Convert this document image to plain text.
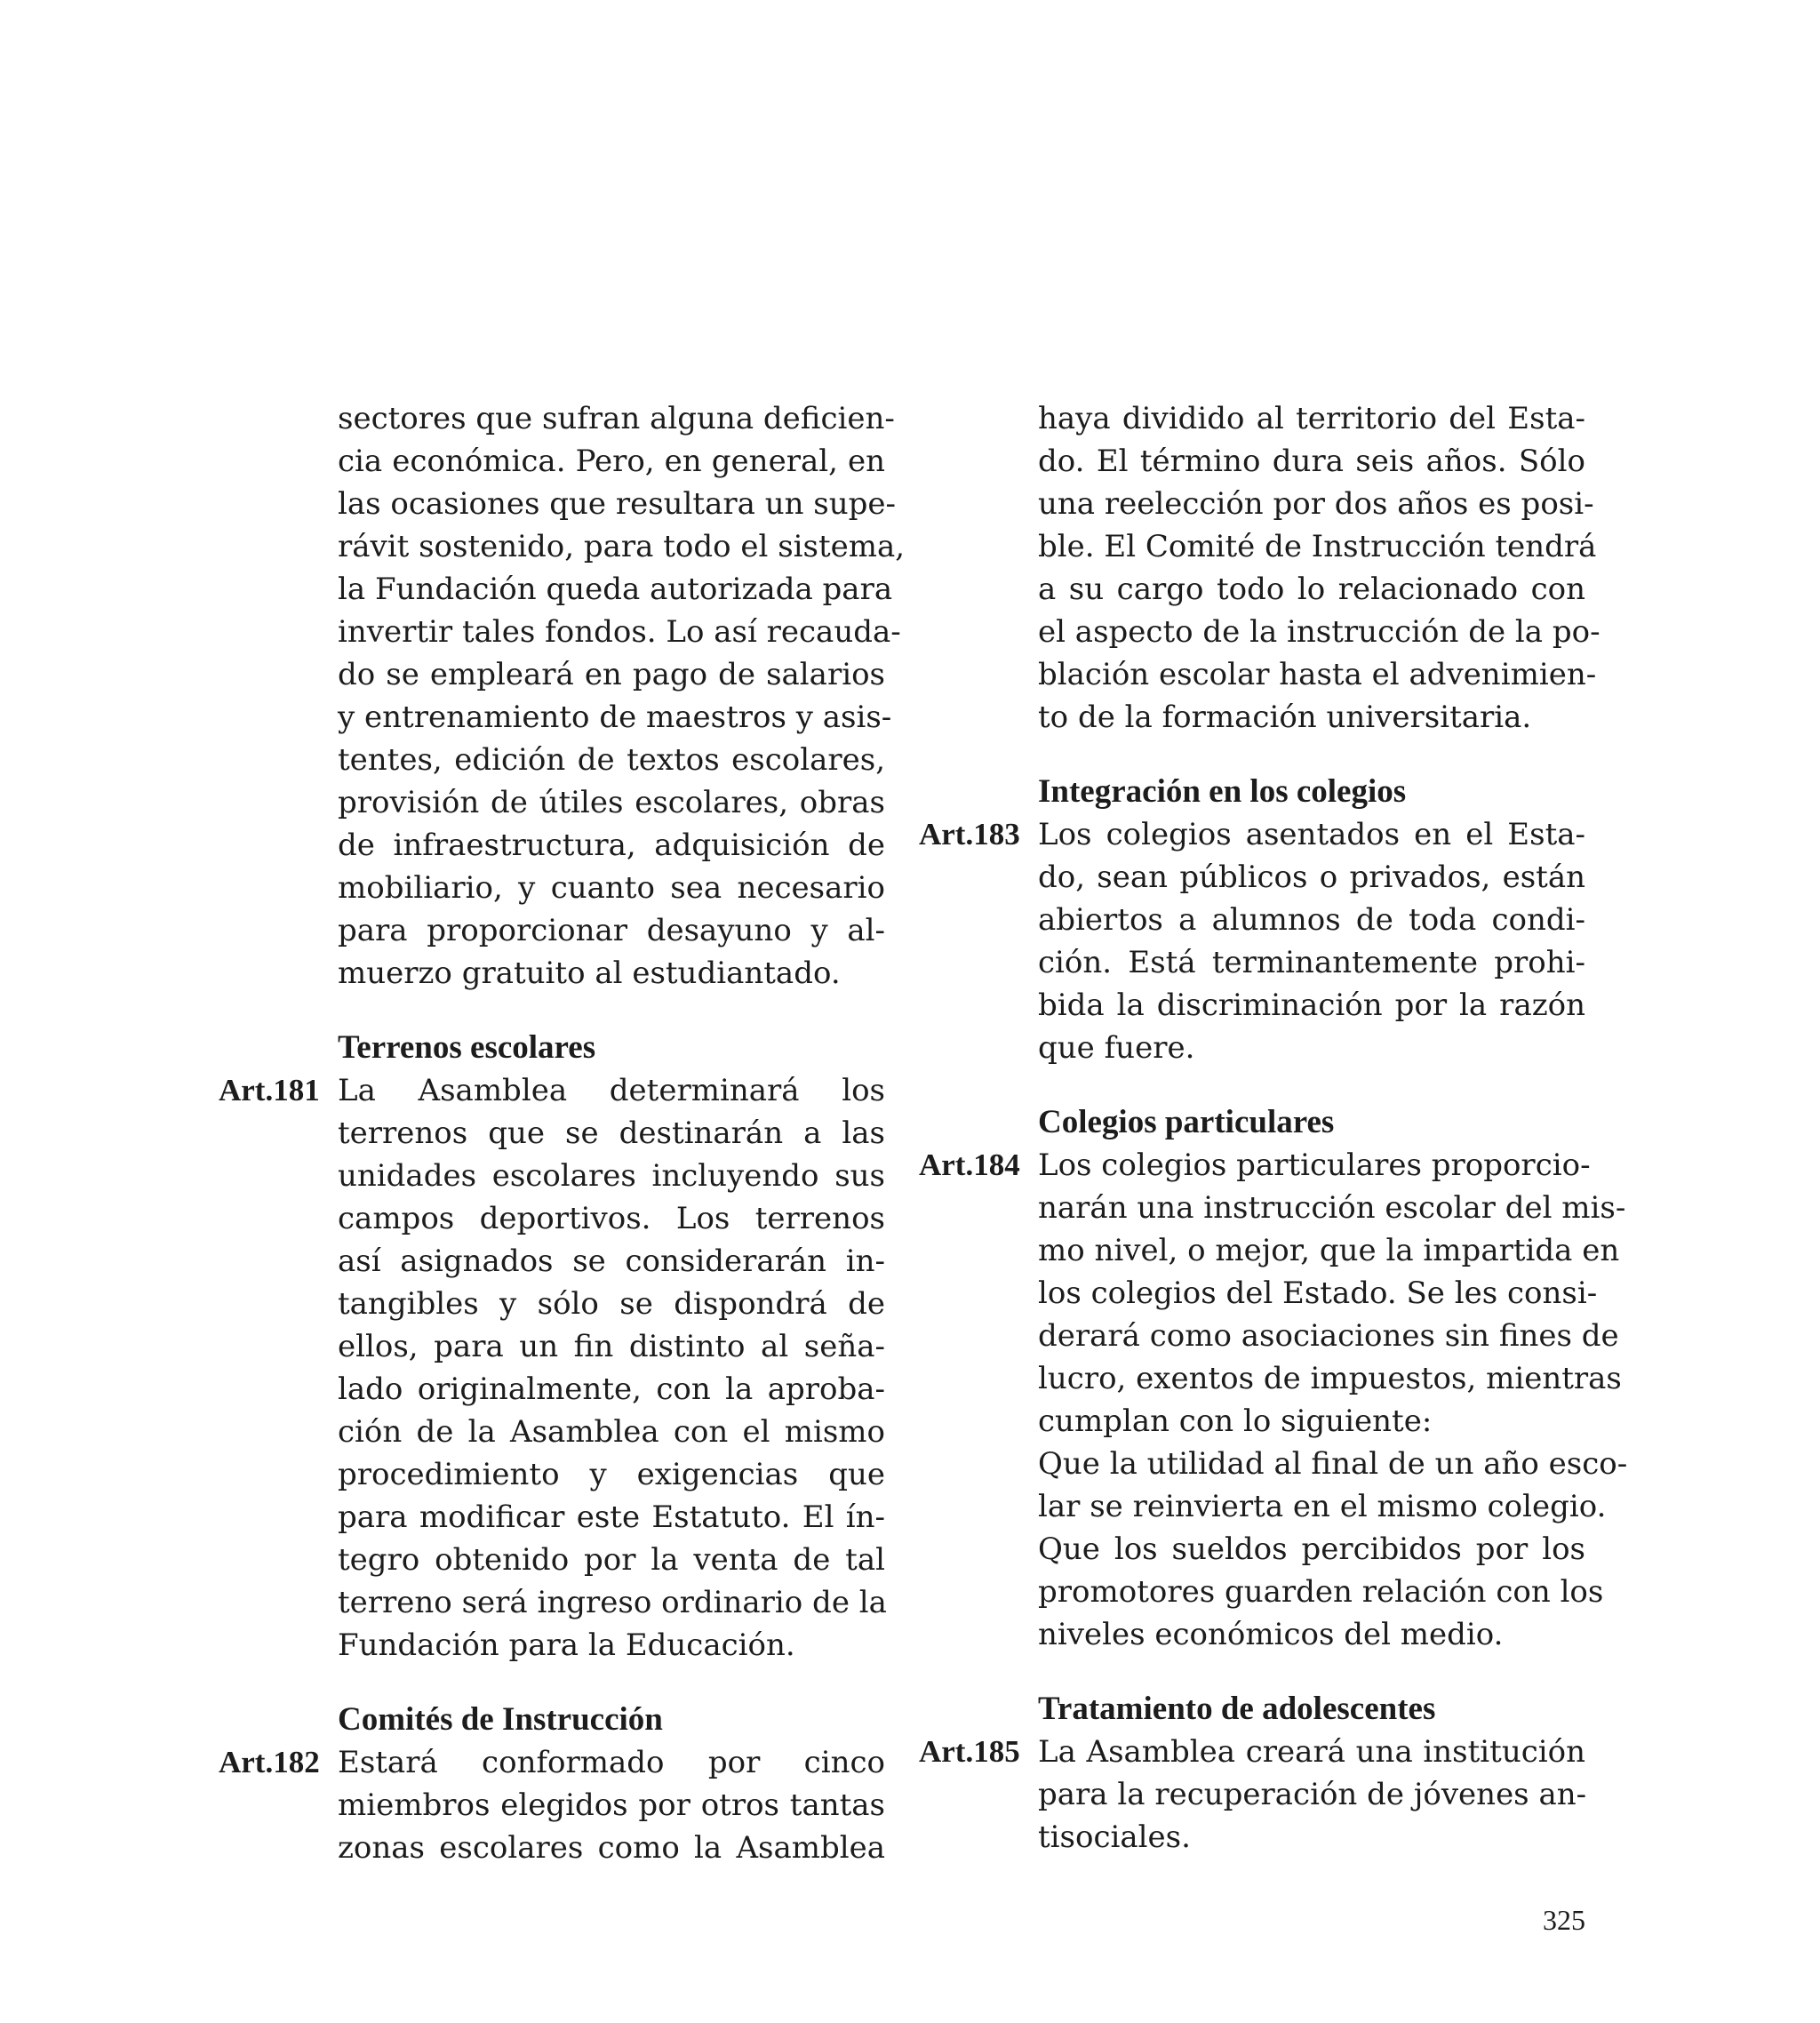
sectores que sufran alguna deficien-
cia económica. Pero, en general, en
las ocasiones que resultara un supe-
rávit sostenido, para todo el sistema,
la Fundación queda autorizada para
invertir tales fondos. Lo así recauda-
do se empleará en pago de salarios
y entrenamiento de maestros y asis-
tentes, edición de textos escolares,
provisión de útiles escolares, obras
de infraestructura, adquisición de
mobiliario, y cuanto sea necesario
para proporcionar desayuno y al-
muerzo gratuito al estudiantado.
Terrenos escolares
Art.181 La Asamblea determinará los
terrenos que se destinarán a las
unidades escolares incluyendo sus
campos deportivos. Los terrenos
así asignados se considerarán in-
tangibles y sólo se dispondrá de
ellos, para un fin distinto al seña-
lado originalmente, con la aproba-
ción de la Asamblea con el mismo
procedimiento y exigencias que
para modificar este Estatuto. El ín-
tegro obtenido por la venta de tal
terreno será ingreso ordinario de la
Fundación para la Educación.
Comités de Instrucción
Art.182 Estará conformado por cinco
miembros elegidos por otros tantas
zonas escolares como la Asamblea
haya dividido al territorio del Esta-
do. El término dura seis años. Sólo
una reelección por dos años es posi-
ble. El Comité de Instrucción tendrá
a su cargo todo lo relacionado con
el aspecto de la instrucción de la po-
blación escolar hasta el advenimien-
to de la formación universitaria.
Integración en los colegios
Art.183 Los colegios asentados en el Esta-
do, sean públicos o privados, están
abiertos a alumnos de toda condi-
ción. Está terminantemente prohi-
bida la discriminación por la razón
que fuere.
Colegios particulares
Art.184 Los colegios particulares proporcio-
narán una instrucción escolar del mis-
mo nivel, o mejor, que la impartida en
los colegios del Estado. Se les consi-
derará como asociaciones sin fines de
lucro, exentos de impuestos, mientras
cumplan con lo siguiente:
Que la utilidad al final de un año esco-
lar se reinvierta en el mismo colegio.
Que los sueldos percibidos por los
promotores guarden relación con los
niveles económicos del medio.
Tratamiento de adolescentes
Art.185 La Asamblea creará una institución
para la recuperación de jóvenes an-
tisociales.
325
